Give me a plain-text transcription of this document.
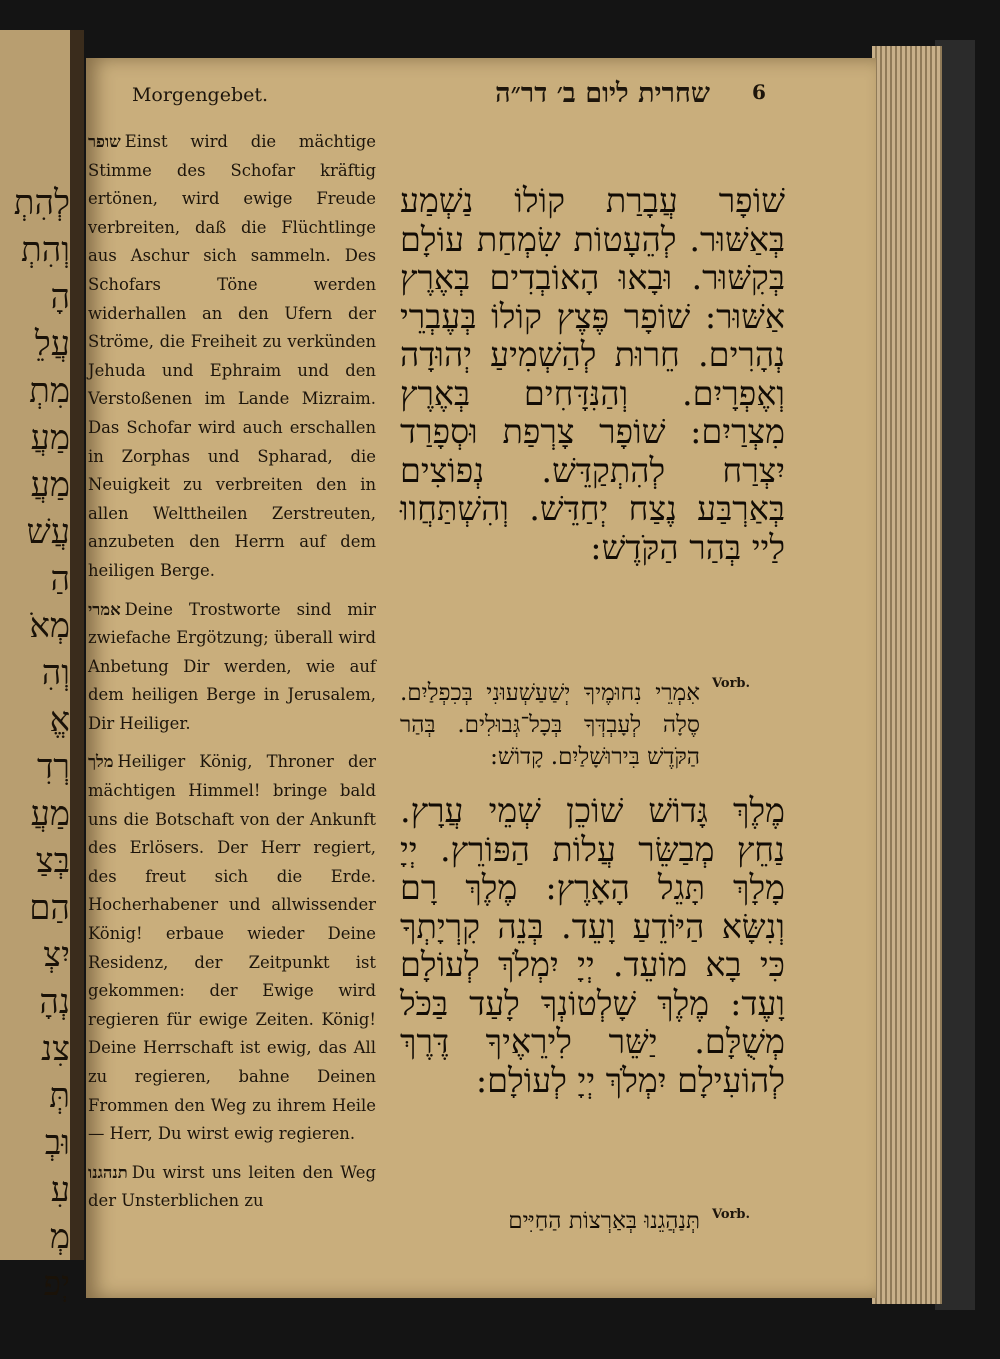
לְהִתְ
וְהִתְ
הָ
עֲלֵ
מִתְ
מַעֲ
מַעֲ
עֲשׁ
הַ
מְאֹ
וְהִ
אֱ
רְדִ
מַעֲ
בְּצַ
הַם
יִצְ
נְהָ
צִנ
תְּ
וּבְ
עִ
מְ
יְפ
Morgengebet.	שחרית ליום ב׳ דר״ה 6

שופר Einst wird die mächtige Stimme des Schofar kräftig ertönen, wird ewige Freude verbreiten, daß die Flüchtlinge aus Aschur sich sammeln. Des Schofars Töne werden widerhallen an den Ufern der Ströme, die Freiheit zu verkünden Jehuda und Ephraim und den Verstoßenen im Lande Mizraim. Das Schofar wird auch erschallen in Zorphas und Spharad, die Neuigkeit zu verbreiten den in allen Welttheilen Zerstreuten, anzubeten den Herrn auf dem heiligen Berge.

אמרי Deine Trostworte sind mir zwiefache Ergötzung; überall wird Anbetung Dir werden, wie auf dem heiligen Berge in Jerusalem, Dir Heiliger.

מלך Heiliger König, Throner der mächtigen Himmel! bringe bald uns die Botschaft von der Ankunft des Erlösers. Der Herr regiert, des freut sich die Erde. Hocherhabener und allwissender König! erbaue wieder Deine Residenz, der Zeitpunkt ist gekommen: der Ewige wird regieren für ewige Zeiten. König! Deine Herrschaft ist ewig, das All zu regieren, bahne Deinen Frommen den Weg zu ihrem Heile — Herr, Du wirst ewig regieren.

תנהגנו Du wirst uns leiten den Weg der Unsterblichen zu

שׁוֹפָר עֲבָרַת קוֹלוֹ נַשְׁמַע בְּאַשּׁוּר. לְהֵעָטוֹת שִׂמְחַת עוֹלָם בְּקִשּׁוּר. וּבָאוּ הָאוֹבְדִים בְּאֶרֶץ אַשּׁוּר: שׁוֹפָר פֶּצֶץ קוֹלוֹ בְּעֶבְרֵי נְהָרִים. חֵרוּת לְהַשְׁמִיעַ יְהוּדָה וְאֶפְרָיִם. וְהַנִּדָּחִים בְּאֶרֶץ מִצְרַיִם: שׁוֹפָר צָרְפַת וּסְפָרַד יִצְרַח לְהִתְקַדֵּשׁ. נְפוֹצִים בְּאַרְבַּע נֶצַח יְחַדֵּשׁ. וְהִשְׁתַּחֲווּ לַיי בְּהַר הַקֹּדֶשׁ:
Vorb.
אִמְרֵי נִחוּמֶיךָ יְשַׁעַשְׁעוּנִי בְּכִפְלַיִם. סֶלָה לְעָבְדְּךָ בְּכָל־גְּבוּלִים. בְּהַר הַקֹּדֶשׁ בִּירוּשָׁלַיִם. קָדוֹשׁ:
מֶלֶךְ גָּדוֹשׁ שׁוֹכֵן שְׁמֵי עֲרָץ. נַחֵץ מְבַשֵּׂר עֲלוֹת הַפּוֹרֵץ. יְיָ מָלָךְ תָּגֵל הָאָרֶץ: מֶלֶךְ רָם וְנִשָּׂא הַיּוֹדֵעַ וָעֵד. בְּנֵה קִרְיָתְךָ כִּי בָא מוֹעֵד. יְיָ יִמְלֹךְ לְעוֹלָם וָעֶד: מֶלֶךְ שָׁלְטוֹנְךָ לָעַד בַּכֹּל מְשֻׁלָּם. יַשֵּׁר לִירֵאֶיךָ דֶּרֶךְ לְהוֹעִילָם יִמְלֹךְ יְיָ לְעוֹלָם:
Vorb.
תְּנַהֲגֵנוּ בְּאַרְצוֹת הַחַיִּים
